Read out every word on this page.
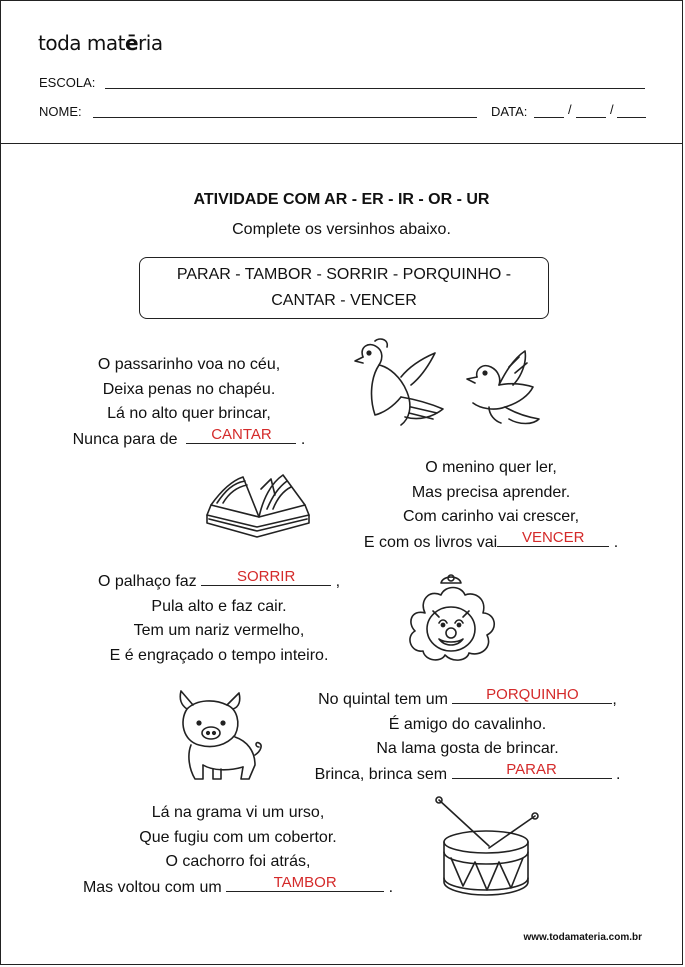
toda matēria
ESCOLA:
NOME:	DATA:	/	/
ATIVIDADE COM AR - ER - IR - OR - UR
Complete os versinhos abaixo.
PARAR - TAMBOR - SORRIR - PORQUINHO -
CANTAR - VENCER
O passarinho voa no céu,
Deixa penas no chapéu.
Lá no alto quer brincar,
Nunca para de	CANTAR	.
O menino quer ler,
Mas precisa aprender.
Com carinho vai crescer,
E com os livros vai	VENCER	.
O palhaço faz	SORRIR	,
Pula alto e faz cair.
Tem um nariz vermelho,
E é engraçado o tempo inteiro.
No quintal tem um	PORQUINHO	,
É amigo do cavalinho.
Na lama gosta de brincar.
Brinca, brinca sem	PARAR	.
Lá na grama vi um urso,
Que fugiu com um cobertor.
O cachorro foi atrás,
Mas voltou com um	TAMBOR	.
www.todamateria.com.br
